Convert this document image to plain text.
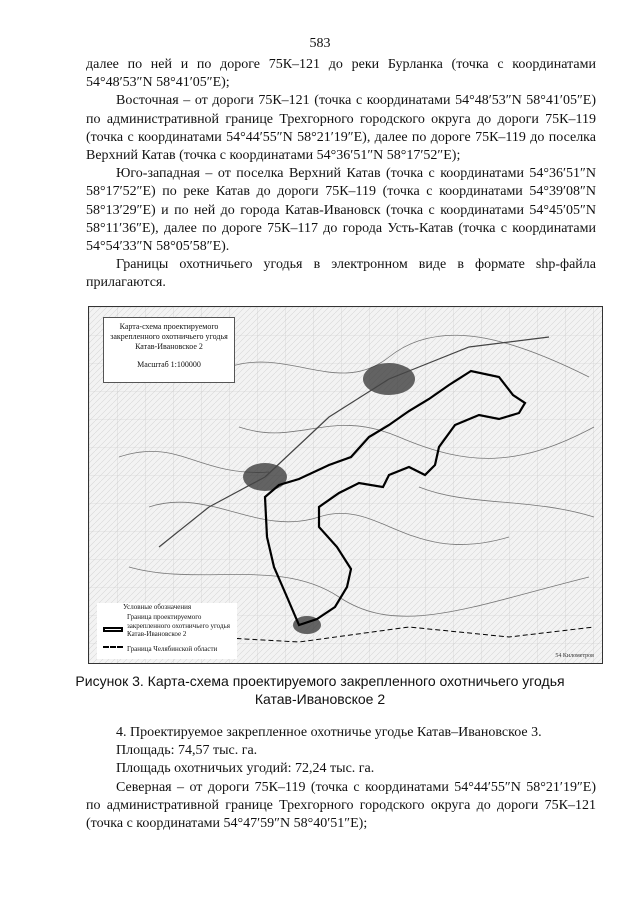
583

далее по ней и по дороге 75К–121 до реки Бурланка (точка с координатами 54°48′53″N 58°41′05″E);

Восточная – от дороги 75К–121 (точка с координатами 54°48′53″N 58°41′05″E) по административной границе Трехгорного городского округа до дороги 75К–119 (точка с координатами 54°44′55″N 58°21′19″E), далее по дороге 75К–119 до поселка Верхний Катав (точка с координатами 54°36′51″N 58°17′52″E);

Юго-западная – от поселка Верхний Катав (точка с координатами 54°36′51″N 58°17′52″E) по реке Катав до дороги 75К–119 (точка с координатами 54°39′08″N 58°13′29″E) и по ней до города Катав-Ивановск (точка с координатами 54°45′05″N 58°11′36″E), далее по дороге 75К–117 до города Усть-Катав (точка с координатами 54°54′33″N 58°05′58″E).

Границы охотничьего угодья в электронном виде в формате shp-файла прилагаются.

Карта-схема проектируемого
закрепленного охотничьего угодья
Катав-Ивановское 2
Масштаб 1:100000
Условные обозначения
Граница проектируемого закрепленного охотничьего угодья Катав-Ивановское 2
Граница Челябинской области
54 Километров
Рисунок 3. Карта-схема проектируемого закрепленного охотничьего угодья
Катав-Ивановское 2

4. Проектируемое закрепленное охотничье угодье Катав–Ивановское 3.

Площадь: 74,57 тыс. га.

Площадь охотничьих угодий: 72,24 тыс. га.

Северная – от дороги 75К–119 (точка с координатами 54°44′55″N 58°21′19″E) по административной границе Трехгорного городского округа до дороги 75К–121 (точка с координатами 54°47′59″N 58°40′51″E);
